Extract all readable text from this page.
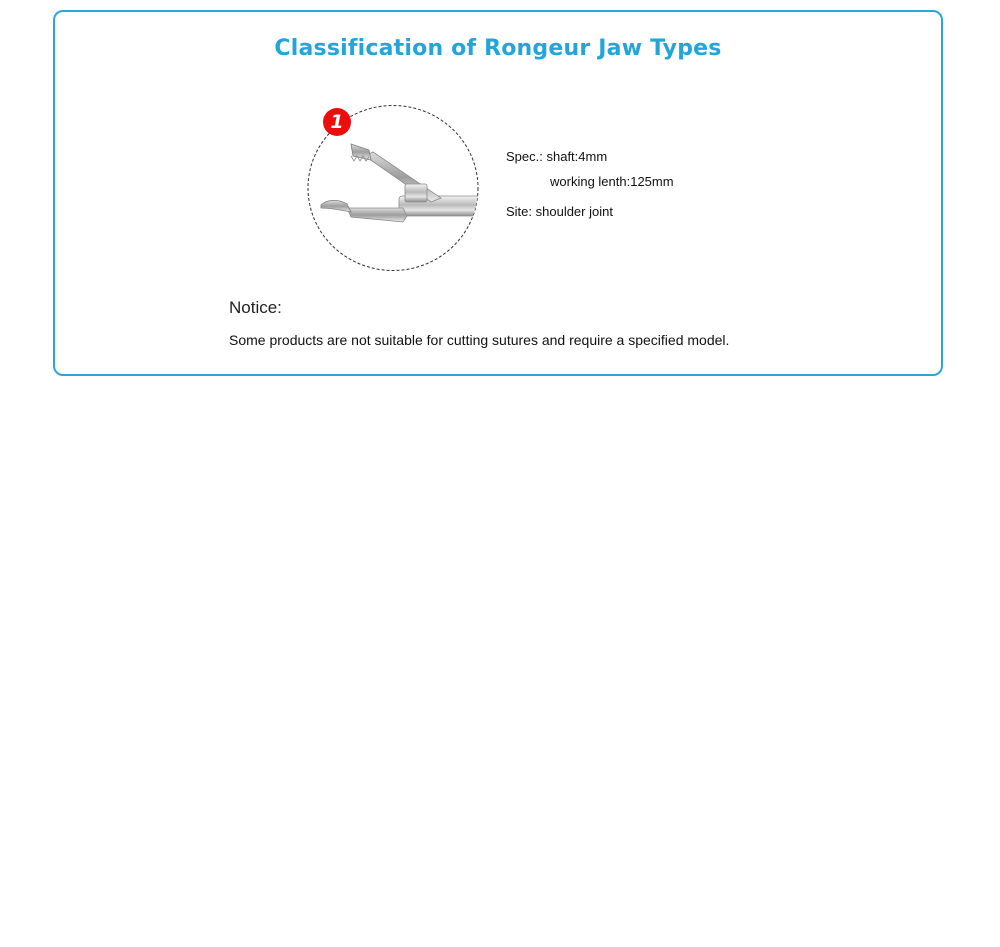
Classification of Rongeur Jaw Types
1
Spec.: shaft:4mm
working lenth:125mm
Site: shoulder joint
Notice:
Some products are not suitable for cutting sutures and require a specified model.
